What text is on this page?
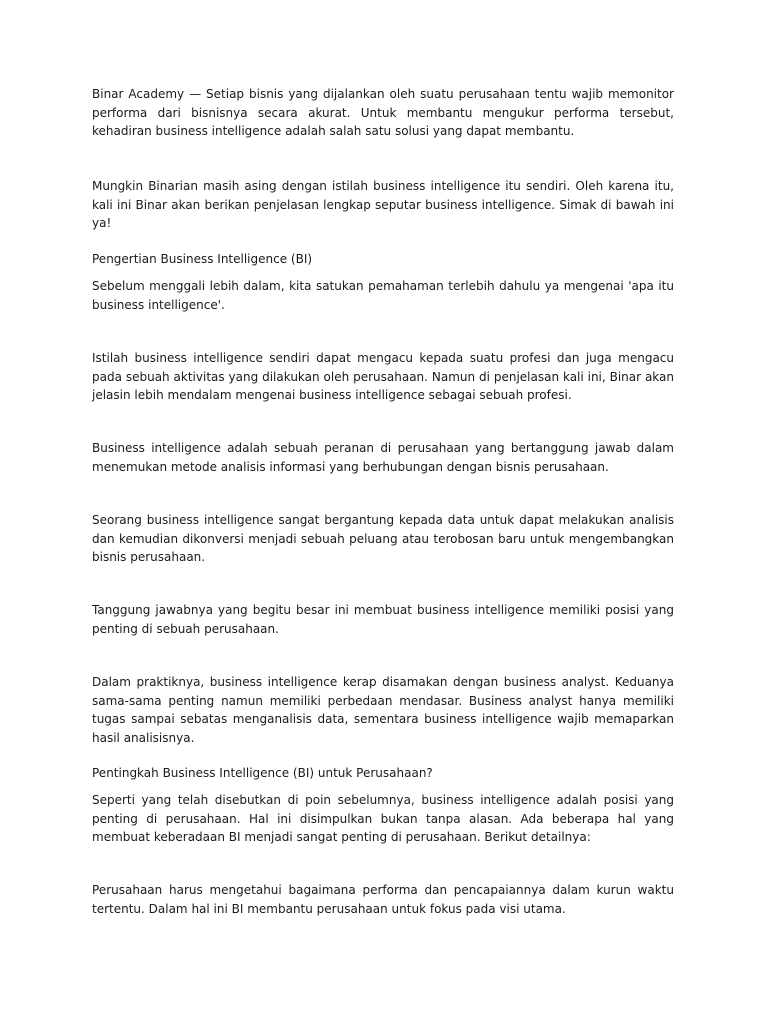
Binar Academy — Setiap bisnis yang dijalankan oleh suatu perusahaan tentu wajib memonitor performa dari bisnisnya secara akurat. Untuk membantu mengukur performa tersebut, kehadiran business intelligence adalah salah satu solusi yang dapat membantu.

Mungkin Binarian masih asing dengan istilah business intelligence itu sendiri. Oleh karena itu, kali ini Binar akan berikan penjelasan lengkap seputar business intelligence. Simak di bawah ini ya!

Pengertian Business Intelligence (BI)

Sebelum menggali lebih dalam, kita satukan pemahaman terlebih dahulu ya mengenai 'apa itu business intelligence'.

Istilah business intelligence sendiri dapat mengacu kepada suatu profesi dan juga mengacu pada sebuah aktivitas yang dilakukan oleh perusahaan. Namun di penjelasan kali ini, Binar akan jelasin lebih mendalam mengenai business intelligence sebagai sebuah profesi.

Business intelligence adalah sebuah peranan di perusahaan yang bertanggung jawab dalam menemukan metode analisis informasi yang berhubungan dengan bisnis perusahaan.

Seorang business intelligence sangat bergantung kepada data untuk dapat melakukan analisis dan kemudian dikonversi menjadi sebuah peluang atau terobosan baru untuk mengembangkan bisnis perusahaan.

Tanggung jawabnya yang begitu besar ini membuat business intelligence memiliki posisi yang penting di sebuah perusahaan.

Dalam praktiknya, business intelligence kerap disamakan dengan business analyst. Keduanya sama-sama penting namun memiliki perbedaan mendasar. Business analyst hanya memiliki tugas sampai sebatas menganalisis data, sementara business intelligence wajib memaparkan hasil analisisnya.

Pentingkah Business Intelligence (BI) untuk Perusahaan?

Seperti yang telah disebutkan di poin sebelumnya, business intelligence adalah posisi yang penting di perusahaan. Hal ini disimpulkan bukan tanpa alasan. Ada beberapa hal yang membuat keberadaan BI menjadi sangat penting di perusahaan. Berikut detailnya:

Perusahaan harus mengetahui bagaimana performa dan pencapaiannya dalam kurun waktu tertentu. Dalam hal ini BI membantu perusahaan untuk fokus pada visi utama.
